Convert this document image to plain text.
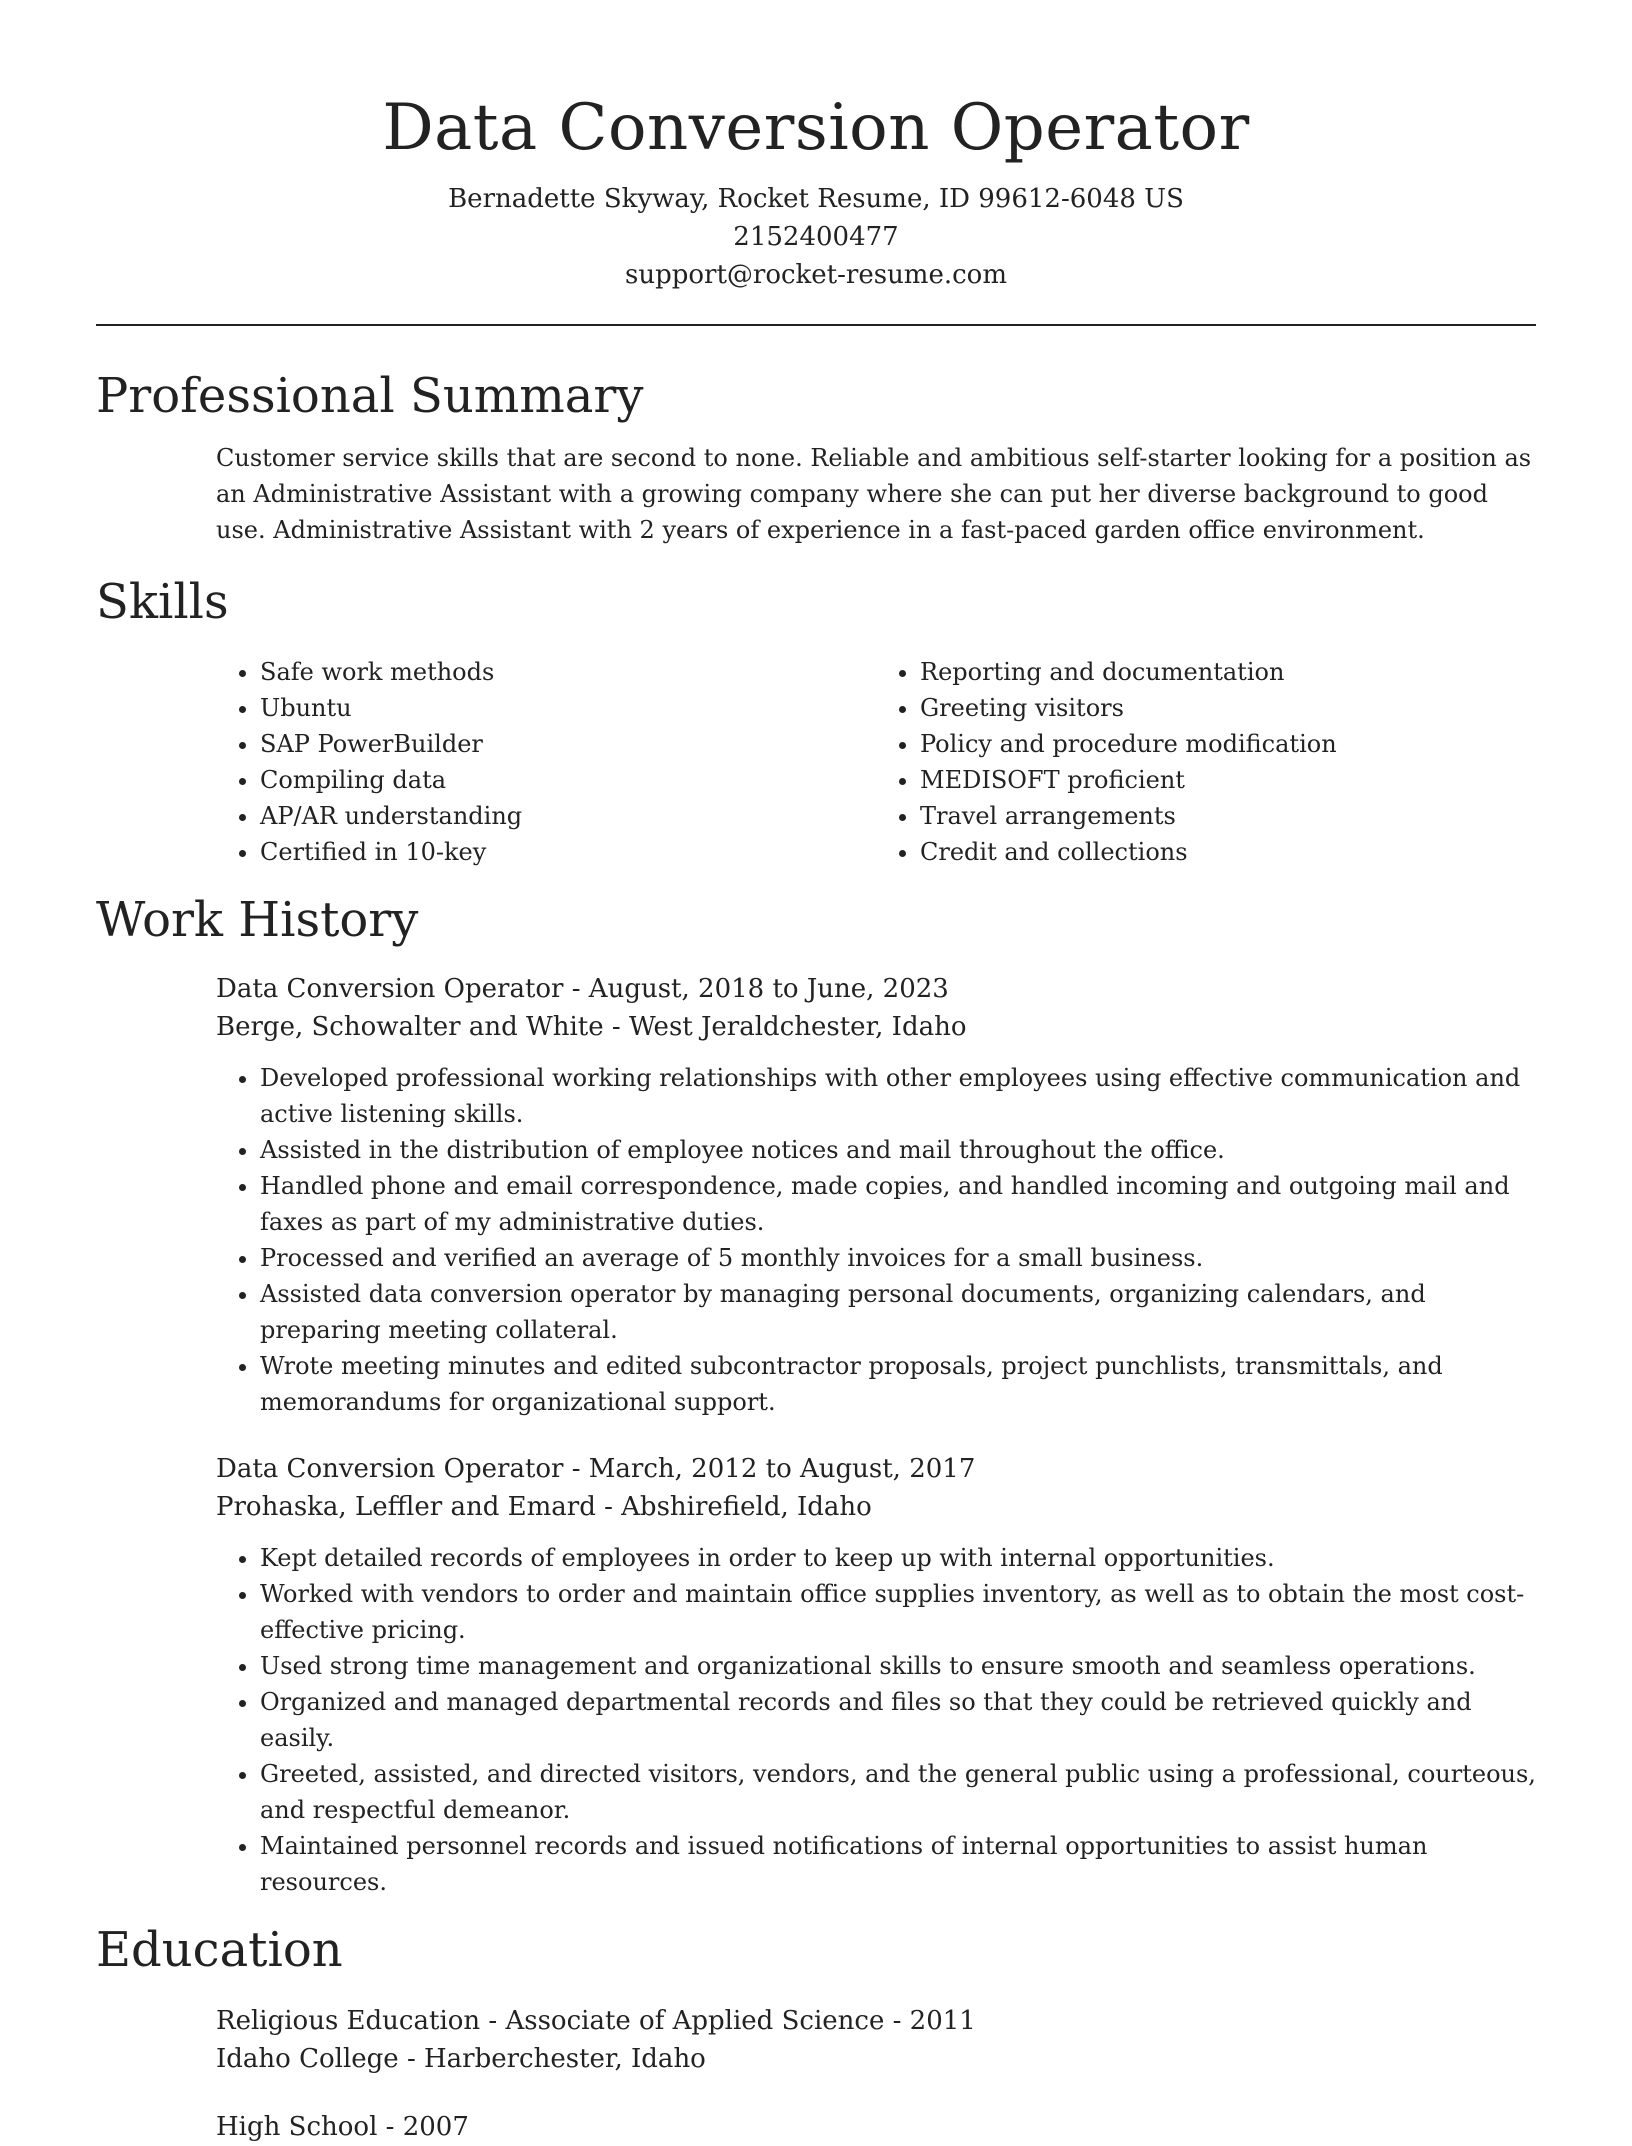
Data Conversion Operator
Bernadette Skyway, Rocket Resume, ID 99612-6048 US
2152400477
support@rocket-resume.com
Professional Summary
Customer service skills that are second to none. Reliable and ambitious self-starter looking for a position as an Administrative Assistant with a growing company where she can put her diverse background to good use. Administrative Assistant with 2 years of experience in a fast-paced garden office environment.
Skills
• Safe work methods
• Ubuntu
• SAP PowerBuilder
• Compiling data
• AP/AR understanding
• Certified in 10-key
• Reporting and documentation
• Greeting visitors
• Policy and procedure modification
• MEDISOFT proficient
• Travel arrangements
• Credit and collections
Work History
Data Conversion Operator - August, 2018 to June, 2023
Berge, Schowalter and White - West Jeraldchester, Idaho
• Developed professional working relationships with other employees using effective communication and active listening skills.
• Assisted in the distribution of employee notices and mail throughout the office.
• Handled phone and email correspondence, made copies, and handled incoming and outgoing mail and faxes as part of my administrative duties.
• Processed and verified an average of 5 monthly invoices for a small business.
• Assisted data conversion operator by managing personal documents, organizing calendars, and preparing meeting collateral.
• Wrote meeting minutes and edited subcontractor proposals, project punchlists, transmittals, and memorandums for organizational support.
Data Conversion Operator - March, 2012 to August, 2017
Prohaska, Leffler and Emard - Abshirefield, Idaho
• Kept detailed records of employees in order to keep up with internal opportunities.
• Worked with vendors to order and maintain office supplies inventory, as well as to obtain the most cost-effective pricing.
• Used strong time management and organizational skills to ensure smooth and seamless operations.
• Organized and managed departmental records and files so that they could be retrieved quickly and easily.
• Greeted, assisted, and directed visitors, vendors, and the general public using a professional, courteous, and respectful demeanor.
• Maintained personnel records and issued notifications of internal opportunities to assist human resources.
Education
Religious Education - Associate of Applied Science - 2011
Idaho College - Harberchester, Idaho
High School - 2007
